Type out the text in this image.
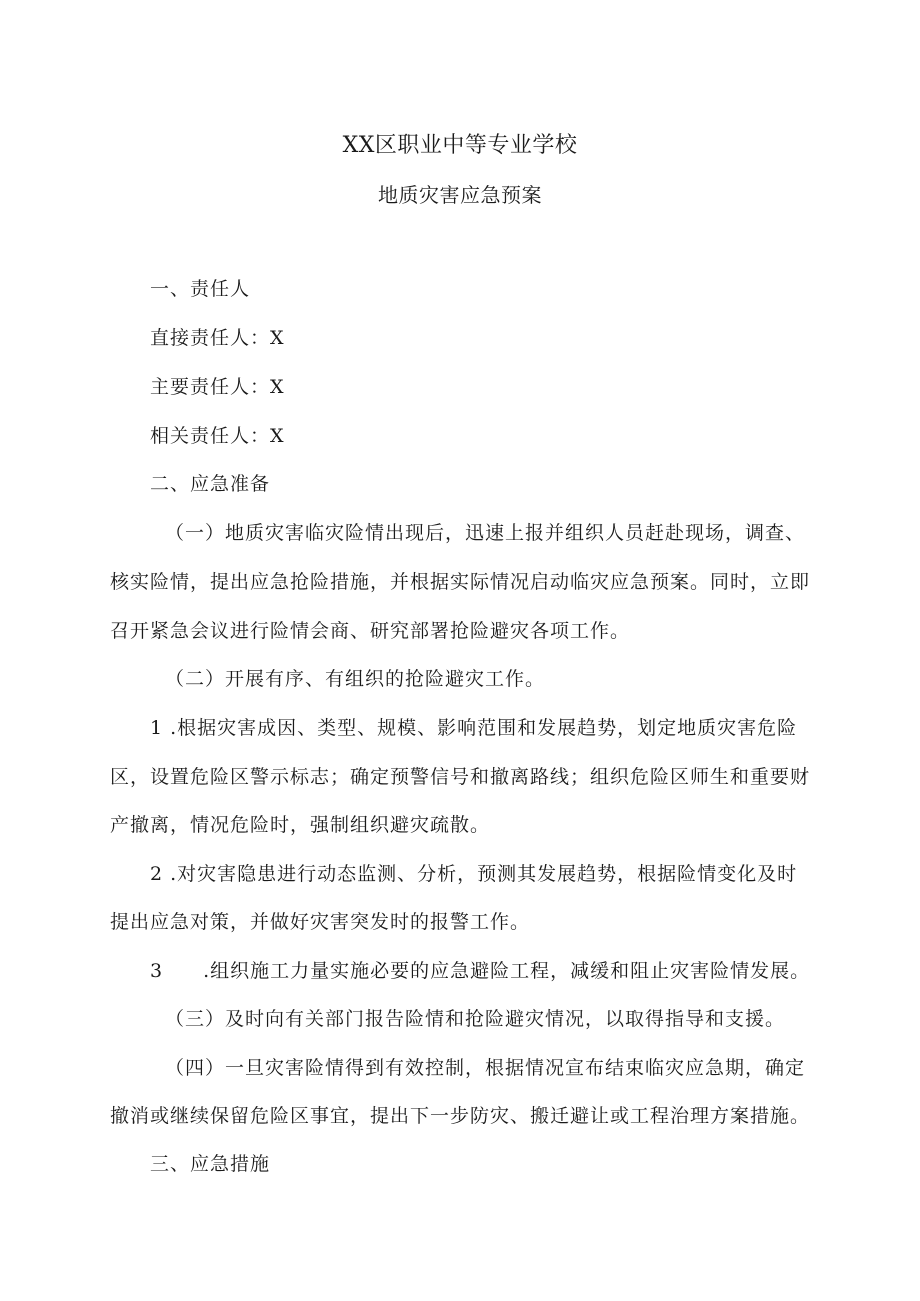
XX区职业中等专业学校
地质灾害应急预案
一、责任人
直接责任人：X
主要责任人：X
相关责任人：X
二、应急准备
（一）地质灾害临灾险情出现后，迅速上报并组织人员赶赴现场，调查、
核实险情，提出应急抢险措施，并根据实际情况启动临灾应急预案。同时，立即
召开紧急会议进行险情会商、研究部署抢险避灾各项工作。
（二）开展有序、有组织的抢险避灾工作。
1 .根据灾害成因、类型、规模、影响范围和发展趋势，划定地质灾害危险
区，设置危险区警示标志；确定预警信号和撤离路线；组织危险区师生和重要财
产撤离，情况危险时，强制组织避灾疏散。
2 .对灾害隐患进行动态监测、分析，预测其发展趋势，根据险情变化及时
提出应急对策，并做好灾害突发时的报警工作。
3　　.组织施工力量实施必要的应急避险工程，减缓和阻止灾害险情发展。
（三）及时向有关部门报告险情和抢险避灾情况，以取得指导和支援。
（四）一旦灾害险情得到有效控制，根据情况宣布结束临灾应急期，确定
撤消或继续保留危险区事宜，提出下一步防灾、搬迁避让或工程治理方案措施。
三、应急措施
